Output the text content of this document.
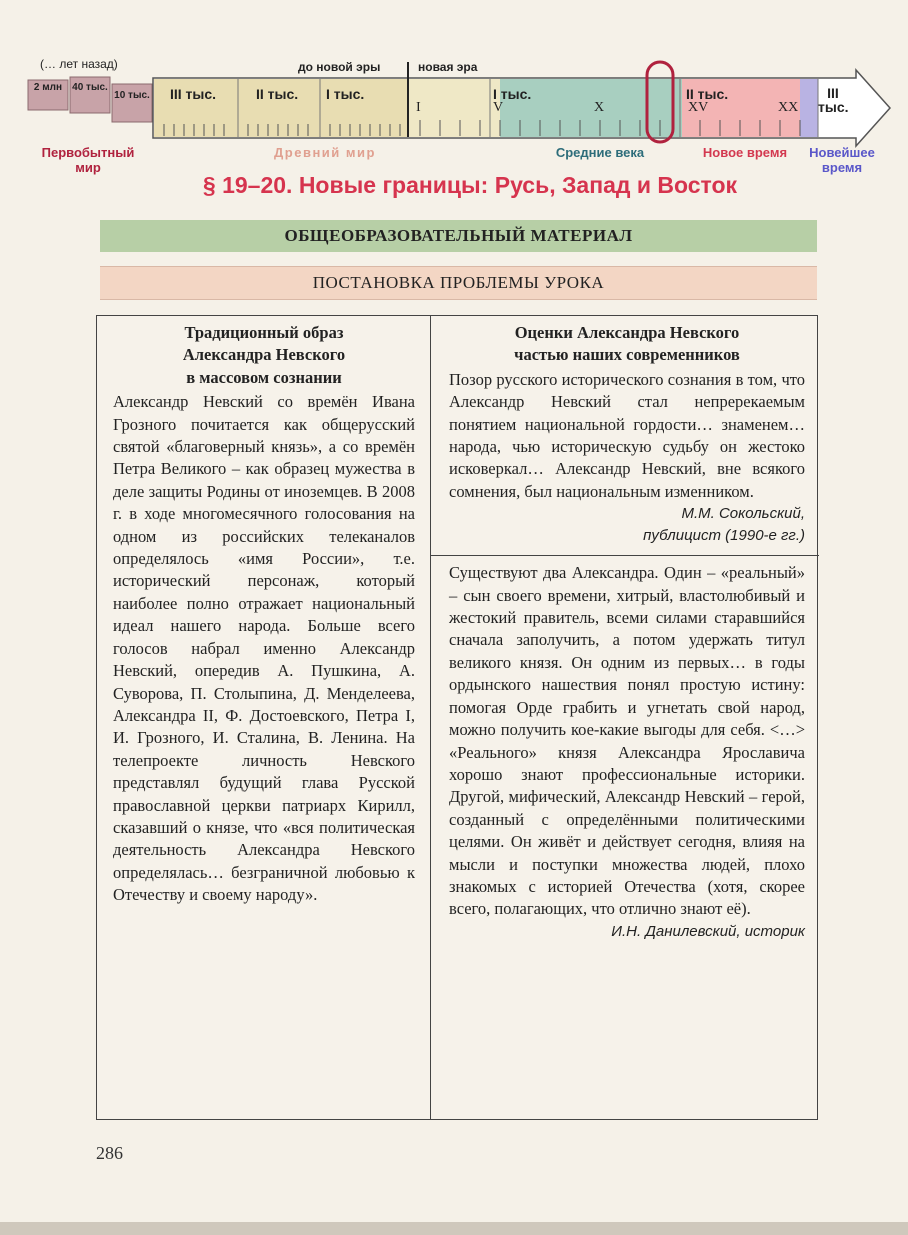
(… лет назад)	до новой эры	новая эра
2 млн	40 тыс.
10 тыс. III тыс.	II тыс. I тыс.	I тыс.	II тыс.	III тыс.
I	V	X	XV	XX
Первобытный мир
Древний мир	Средние века	Новое время	Новейшее время
§ 19–20. Новые границы: Русь, Запад и Восток
ОБЩЕОБРАЗОВАТЕЛЬНЫЙ МАТЕРИАЛ
ПОСТАНОВКА ПРОБЛЕМЫ УРОКА
Традиционный образ
Александра Невского
в массовом сознании

Александр Невский со времён Ивана Грозного почитается как общерусский святой «благоверный князь», а со времён Петра Великого – как образец мужества в деле защиты Родины от иноземцев. В 2008 г. в ходе многомесячного голосования на одном из российских телеканалов определялось «имя России», т.е. исторический персонаж, который наиболее полно отражает национальный идеал нашего народа. Больше всего голосов набрал именно Александр Невский, опередив А. Пушкина, А. Суворова, П. Столыпина, Д. Менделеева, Александра II, Ф. Достоевского, Петра I, И. Грозного, И. Сталина, В. Ленина. На телепроекте личность Невского представлял будущий глава Русской православной церкви патриарх Кирилл, сказавший о князе, что «вся политическая деятельность Александра Невского определялась… безграничной любовью к Отечеству и своему народу».

Оценки Александра Невского
частью наших современников

Позор русского исторического сознания в том, что Александр Невский стал непререкаемым понятием национальной гордости… знаменем… народа, чью историческую судьбу он жестоко исковеркал… Александр Невский, вне всякого сомнения, был национальным изменником.

М.М. Сокольский,
публицист (1990-е гг.)

Существуют два Александра. Один – «реальный» – сын своего времени, хитрый, властолюбивый и жестокий правитель, всеми силами старавшийся сначала заполучить, а потом удержать титул великого князя. Он одним из первых… в годы ордынского нашествия понял простую истину: помогая Орде грабить и угнетать свой народ, можно получить кое-какие выгоды для себя. <…> «Реального» князя Александра Ярославича хорошо знают профессиональные историки. Другой, мифический, Александр Невский – герой, созданный с определёнными политическими целями. Он живёт и действует сегодня, влияя на мысли и поступки множества людей, плохо знакомых с историей Отечества (хотя, скорее всего, полагающих, что отлично знают её).

И.Н. Данилевский, историк
286
